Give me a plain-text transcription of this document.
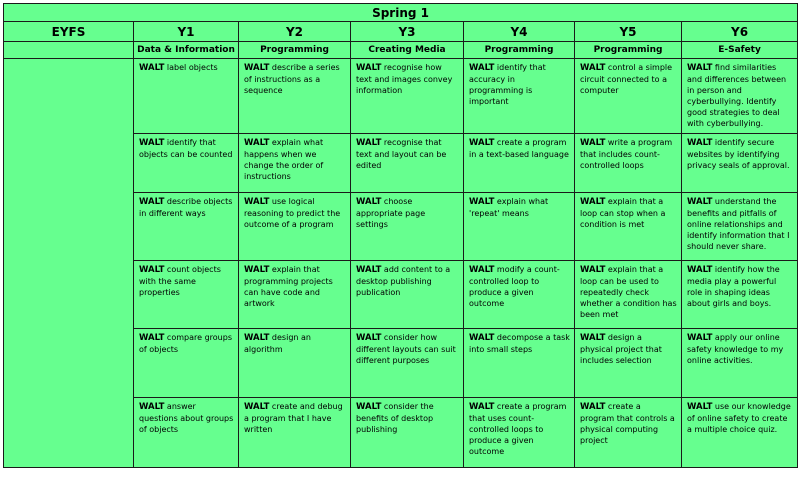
Spring 1						
EYFS	Y1	Y2	Y3	Y4	Y5	Y6
	Data & Information	Programming	Creating Media	Programming	Programming	E-Safety

	WALT label objects	WALT describe a series of instructions as a sequence	WALT recognise how text and images convey information	WALT identify that accuracy in programming is important	WALT control a simple circuit connected to a computer	WALT find similarities and differences between in person and cyberbullying. Identify good strategies to deal with cyberbullying.

	WALT identify that objects can be counted	WALT explain what happens when we change the order of instructions	WALT recognise that text and layout can be edited	WALT create a program in a text-based language	WALT write a program that includes count-controlled loops	WALT identify secure websites by identifying privacy seals of approval.

	WALT describe objects in different ways	WALT use logical reasoning to predict the outcome of a program	WALT choose appropriate page settings	WALT explain what 'repeat' means	WALT explain that a loop can stop when a condition is met	WALT understand the benefits and pitfalls of online relationships and identify information that I should never share.

	WALT count objects with the same properties	WALT explain that programming projects can have code and artwork	WALT add content to a desktop publishing publication	WALT modify a count-controlled loop to produce a given outcome	WALT explain that a loop can be used to repeatedly check whether a condition has been met	WALT identify how the media play a powerful role in shaping ideas about girls and boys.

	WALT compare groups of objects	WALT design an algorithm	WALT consider how different layouts can suit different purposes	WALT decompose a task into small steps	WALT design a physical project that includes selection	WALT apply our online safety knowledge to my online activities.

	WALT answer questions about groups of objects	WALT create and debug a program that I have written	WALT consider the benefits of desktop publishing	WALT create a program that uses count-controlled loops to produce a given outcome	WALT create a program that controls a physical computing project	WALT use our knowledge of online safety to create a multiple choice quiz.
